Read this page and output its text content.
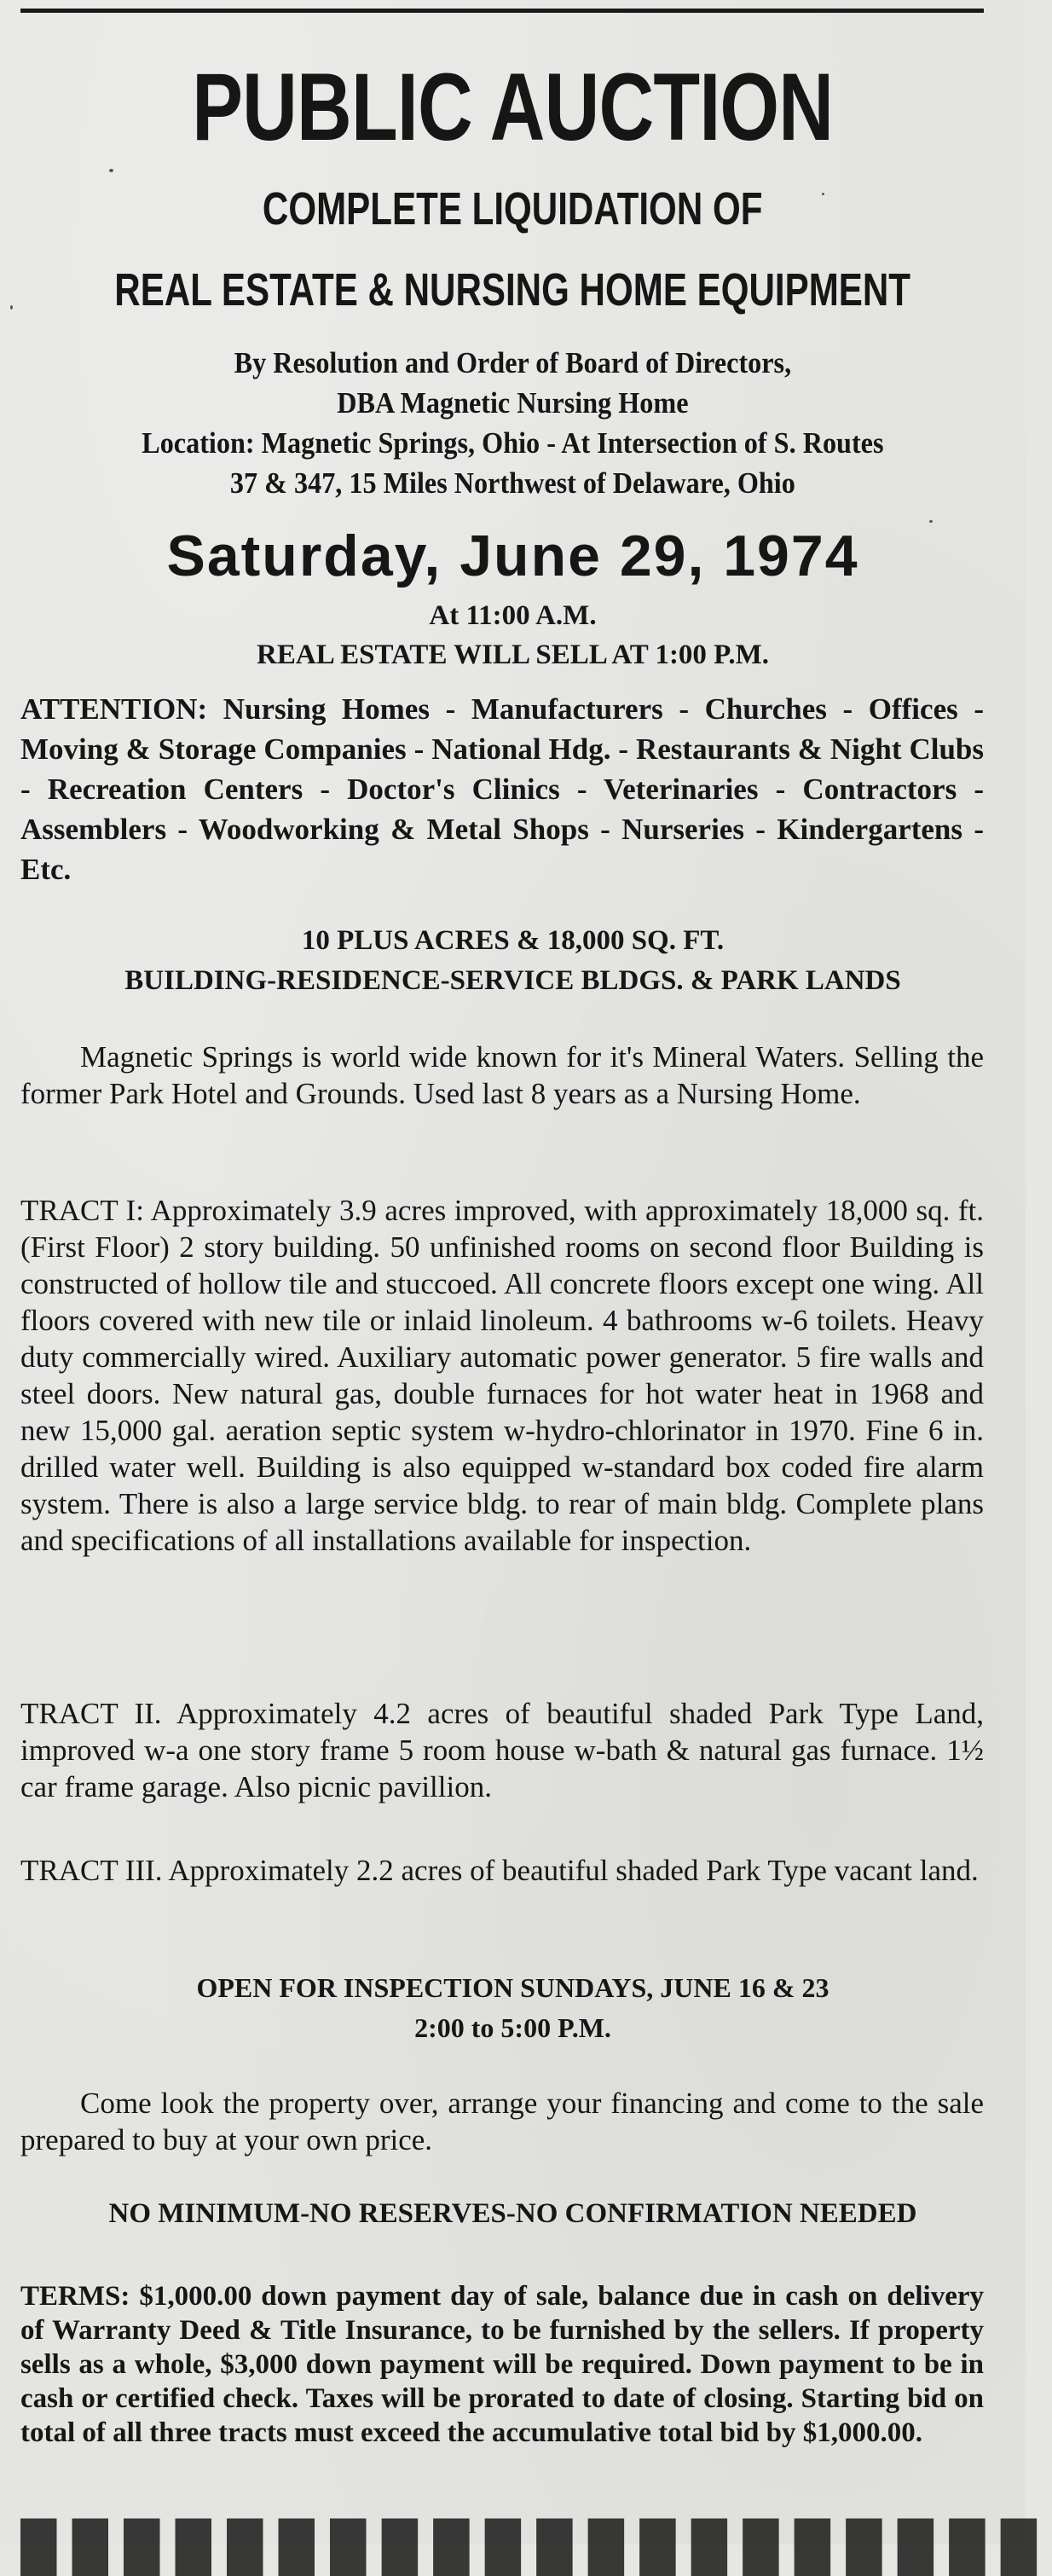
PUBLIC AUCTION
COMPLETE LIQUIDATION OF
REAL ESTATE & NURSING HOME EQUIPMENT
By Resolution and Order of Board of Directors,
DBA Magnetic Nursing Home
Location: Magnetic Springs, Ohio - At Intersection of S. Routes
37 & 347, 15 Miles Northwest of Delaware, Ohio
Saturday, June 29, 1974
At 11:00 A.M.
REAL ESTATE WILL SELL AT 1:00 P.M.
ATTENTION: Nursing Homes - Manufacturers - Churches - Offices - Moving & Storage Companies - National Hdg. - Restaurants & Night Clubs - Recreation Centers - Doctor's Clinics - Veterinaries - Contractors - Assemblers - Woodworking & Metal Shops - Nurseries - Kindergartens - Etc.
10 PLUS ACRES & 18,000 SQ. FT.
BUILDING-RESIDENCE-SERVICE BLDGS. & PARK LANDS
Magnetic Springs is world wide known for it's Mineral Waters. Selling the former Park Hotel and Grounds. Used last 8 years as a Nursing Home.
TRACT I: Approximately 3.9 acres improved, with approximately 18,000 sq. ft. (First Floor) 2 story building. 50 unfinished rooms on second floor Building is constructed of hollow tile and stuccoed. All concrete floors except one wing. All floors covered with new tile or inlaid linoleum. 4 bathrooms w-6 toilets. Heavy duty commercially wired. Auxiliary automatic power generator. 5 fire walls and steel doors. New natural gas, double furnaces for hot water heat in 1968 and new 15,000 gal. aeration septic system w-hydro-chlorinator in 1970. Fine 6 in. drilled water well. Building is also equipped w-standard box coded fire alarm system. There is also a large service bldg. to rear of main bldg. Complete plans and specifications of all installations available for inspection.
TRACT II. Approximately 4.2 acres of beautiful shaded Park Type Land, improved w-a one story frame 5 room house w-bath & natural gas furnace. 1½ car frame garage. Also picnic pavillion.
TRACT III. Approximately 2.2 acres of beautiful shaded Park Type vacant land.
OPEN FOR INSPECTION SUNDAYS, JUNE 16 & 23
2:00 to 5:00 P.M.
Come look the property over, arrange your financing and come to the sale prepared to buy at your own price.
NO MINIMUM-NO RESERVES-NO CONFIRMATION NEEDED
TERMS: $1,000.00 down payment day of sale, balance due in cash on delivery of Warranty Deed & Title Insurance, to be furnished by the sellers. If property sells as a whole, $3,000 down payment will be required. Down payment to be in cash or certified check. Taxes will be prorated to date of closing. Starting bid on total of all three tracts must exceed the accumulative total bid by $1,000.00.
████████████████████
